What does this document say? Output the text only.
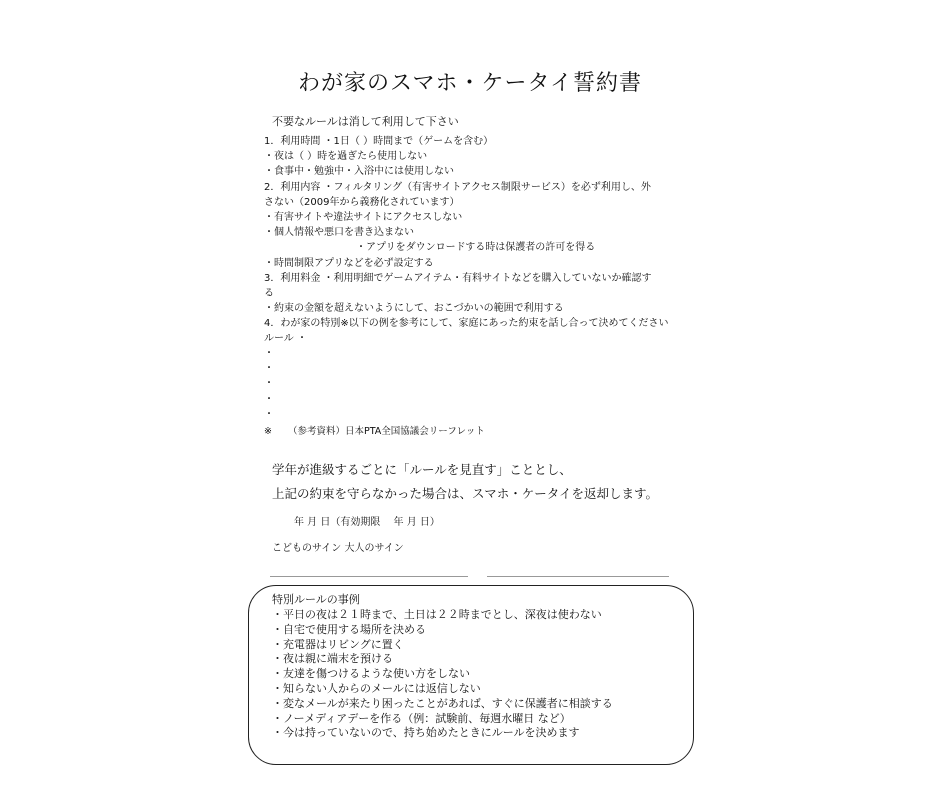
わが家のスマホ・ケータイ誓約書
不要なルールは消して利用して下さい
1．利用時間 ・1日（ ）時間まで（ゲームを含む）
・夜は（ ）時を過ぎたら使用しない
・食事中・勉強中・入浴中には使用しない
2．利用内容 ・フィルタリング（有害サイトアクセス制限サービス）を必ず利用し、外
さない（2009年から義務化されています）
・有害サイトや違法サイトにアクセスしない
・個人情報や悪口を書き込まない
・アプリをダウンロードする時は保護者の許可を得る
・時間制限アプリなどを必ず設定する
3．利用料金 ・利用明細でゲームアイテム・有料サイトなどを購入していないか確認す
る
・約束の金額を超えないようにして、おこづかいの範囲で利用する
4．わが家の特別※以下の例を参考にして、家庭にあった約束を話し合って決めてください
ルール ・
・
・
・
・
・
※ （参考資料）日本PTA全国協議会リーフレット
学年が進級するごとに「ルールを見直す」こととし、
上記の約束を守らなかった場合は、スマホ・ケータイを返却します。
年 月 日（有効期限 　年 月 日）
こどものサイン 大人のサイン
特別ルールの事例
・平日の夜は２１時まで、土日は２２時までとし、深夜は使わない
・自宅で使用する場所を決める
・充電器はリビングに置く
・夜は親に端末を預ける
・友達を傷つけるような使い方をしない
・知らない人からのメールには返信しない
・変なメールが来たり困ったことがあれば、すぐに保護者に相談する
・ノーメディアデーを作る（例：試験前、毎週水曜日 など）
・今は持っていないので、持ち始めたときにルールを決めます
